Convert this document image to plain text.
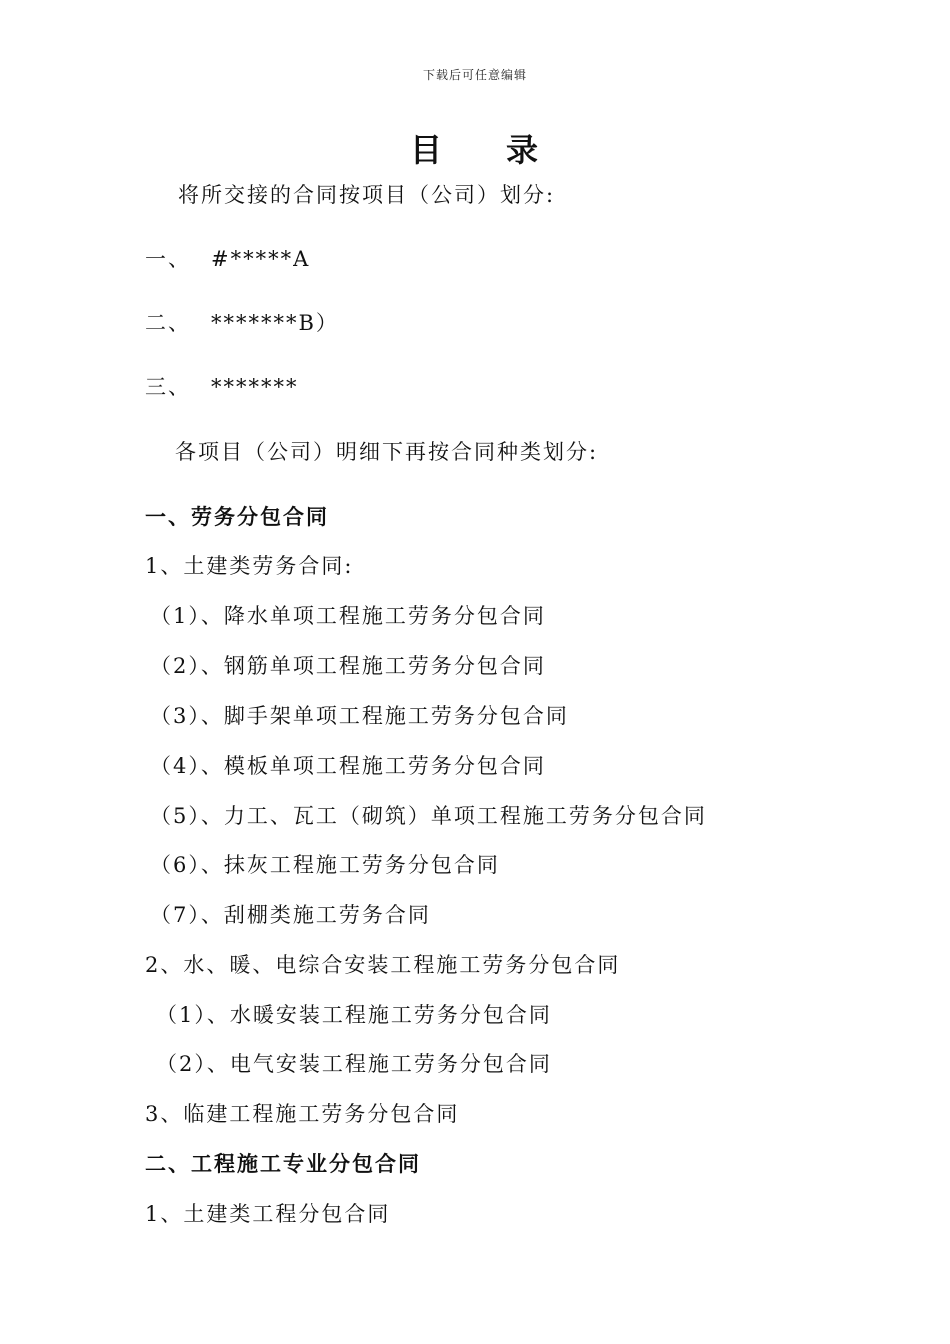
下载后可任意编辑
目 录
将所交接的合同按项目（公司）划分:
一、 #*****A
二、 *******B）
三、 *******
各项目（公司）明细下再按合同种类划分:
一、劳务分包合同
1、土建类劳务合同:
（1）、降水单项工程施工劳务分包合同
（2）、钢筋单项工程施工劳务分包合同
（3）、脚手架单项工程施工劳务分包合同
（4）、模板单项工程施工劳务分包合同
（5）、力工、瓦工（砌筑）单项工程施工劳务分包合同
（6）、抹灰工程施工劳务分包合同
（7）、刮棚类施工劳务合同
2、水、暖、电综合安装工程施工劳务分包合同
（1）、水暖安装工程施工劳务分包合同
（2）、电气安装工程施工劳务分包合同
3、临建工程施工劳务分包合同
二、工程施工专业分包合同
1、土建类工程分包合同
